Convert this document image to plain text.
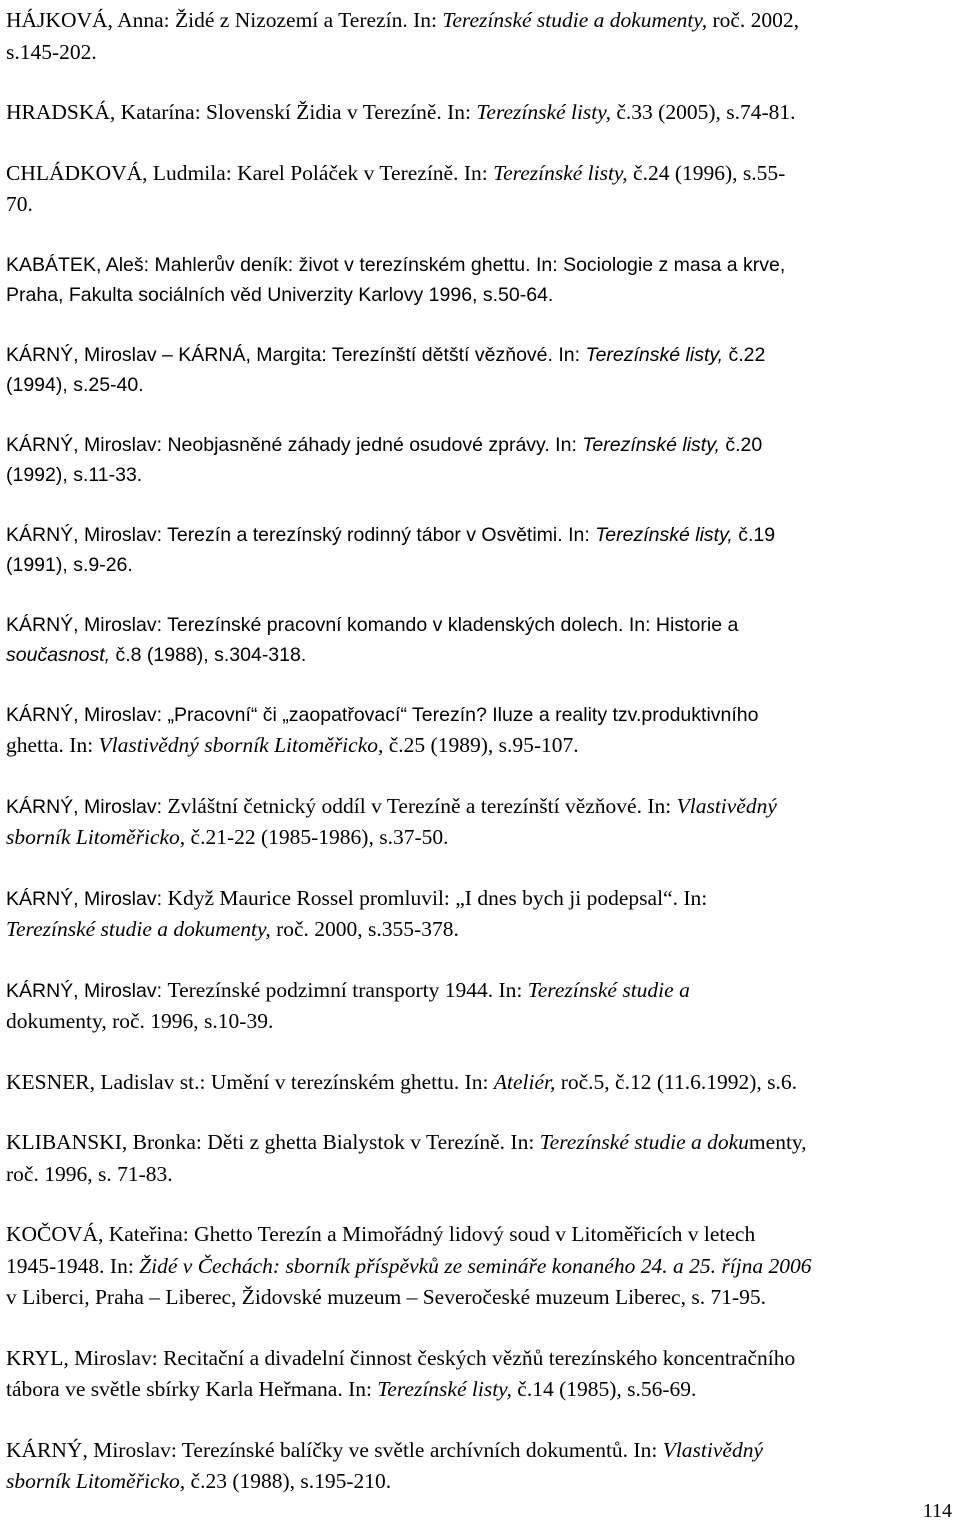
HÁJKOVÁ, Anna: Židé z Nizozemí a Terezín. In: Terezínské studie a dokumenty, roč. 2002,
s.145-202.
HRADSKÁ, Katarína: Slovenskí Židia v Terezíně. In: Terezínské listy, č.33 (2005), s.74-81.
CHLÁDKOVÁ, Ludmila: Karel Poláček v Terezíně. In: Terezínské listy, č.24 (1996), s.55-
70.
KABÁTEK, Aleš: Mahlerův deník: život v terezínském ghettu. In: Sociologie z masa a krve,
Praha, Fakulta sociálních věd Univerzity Karlovy 1996, s.50-64.
KÁRNÝ, Miroslav – KÁRNÁ, Margita: Terezínští dětští vězňové. In: Terezínské listy, č.22
(1994), s.25-40.
KÁRNÝ, Miroslav: Neobjasněné záhady jedné osudové zprávy. In: Terezínské listy, č.20
(1992), s.11-33.
KÁRNÝ, Miroslav: Terezín a terezínský rodinný tábor v Osvětimi. In: Terezínské listy, č.19
(1991), s.9-26.
KÁRNÝ, Miroslav: Terezínské pracovní komando v kladenských dolech. In: Historie a
současnost, č.8 (1988), s.304-318.
KÁRNÝ, Miroslav: „Pracovní“ či „zaopatřovací“ Terezín? Iluze a reality tzv.produktivního
ghetta. In: Vlastivědný sborník Litoměřicko, č.25 (1989), s.95-107.
KÁRNÝ, Miroslav: Zvláštní četnický oddíl v Terezíně a terezínští vězňové. In: Vlastivědný
sborník Litoměřicko, č.21-22 (1985-1986), s.37-50.
KÁRNÝ, Miroslav: Když Maurice Rossel promluvil: „I dnes bych ji podepsal“. In:
Terezínské studie a dokumenty, roč. 2000, s.355-378.
KÁRNÝ, Miroslav: Terezínské podzimní transporty 1944. In: Terezínské studie a
dokumenty, roč. 1996, s.10-39.
KESNER, Ladislav st.: Umění v terezínském ghettu. In: Ateliér, roč.5, č.12 (11.6.1992), s.6.
KLIBANSKI, Bronka: Děti z ghetta Bialystok v Terezíně. In: Terezínské studie a dokumenty,
roč. 1996, s. 71-83.
KOČOVÁ, Kateřina: Ghetto Terezín a Mimořádný lidový soud v Litoměřicích v letech
1945-1948. In: Židé v Čechách: sborník příspěvků ze semináře konaného 24. a 25. října 2006
v Liberci, Praha – Liberec, Židovské muzeum – Severočeské muzeum Liberec, s. 71-95.
KRYL, Miroslav: Recitační a divadelní činnost českých vězňů terezínského koncentračního
tábora ve světle sbírky Karla Heřmana. In: Terezínské listy, č.14 (1985), s.56-69.
KÁRNÝ, Miroslav: Terezínské balíčky ve světle archívních dokumentů. In: Vlastivědný
sborník Litoměřicko, č.23 (1988), s.195-210.
114
